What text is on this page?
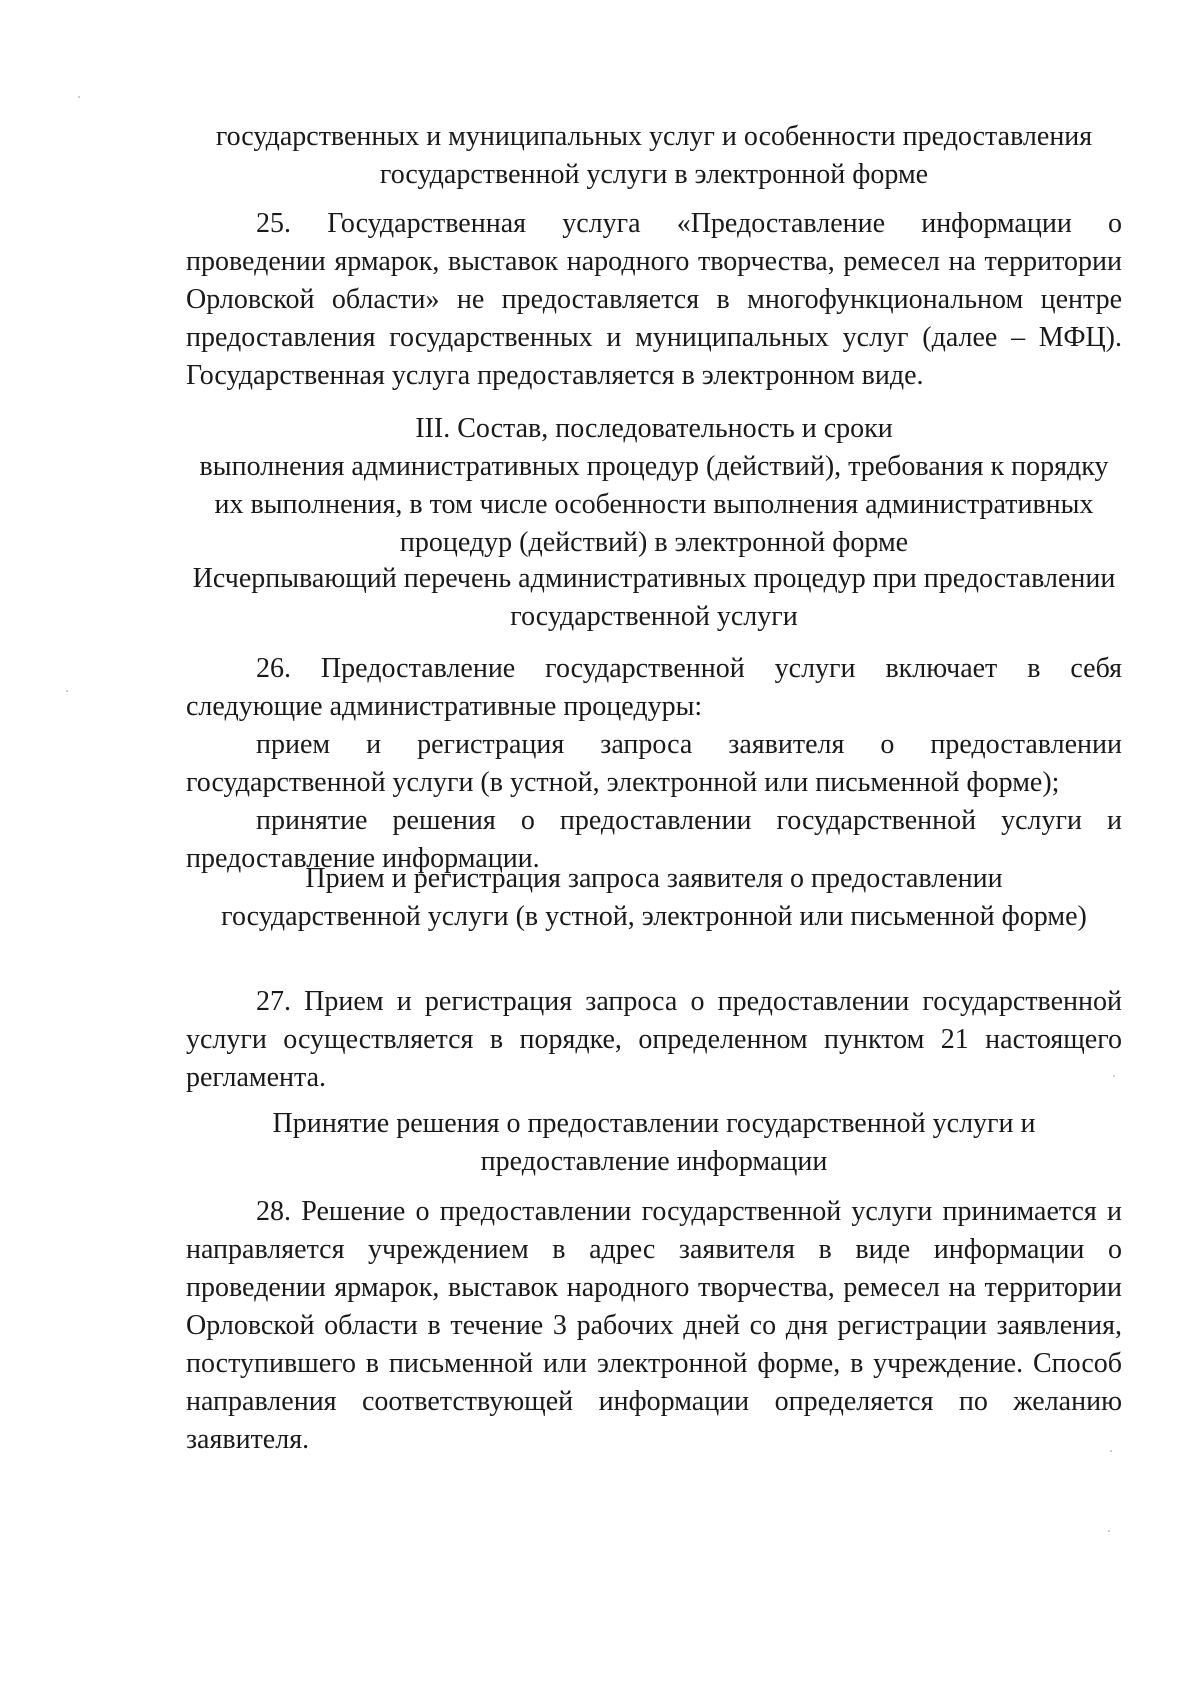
государственных и муниципальных услуг и особенности предоставления
государственной услуги в электронной форме
25. Государственная услуга «Предоставление информации о
проведении ярмарок, выставок народного творчества, ремесел на территории
Орловской области» не предоставляется в многофункциональном центре
предоставления государственных и муниципальных услуг (далее – МФЦ).
Государственная услуга предоставляется в электронном виде.
III. Состав, последовательность и сроки
выполнения административных процедур (действий), требования к порядку
их выполнения, в том числе особенности выполнения административных
процедур (действий) в электронной форме
Исчерпывающий перечень административных процедур при предоставлении
государственной услуги
26. Предоставление государственной услуги включает в себя
следующие административные процедуры:
прием и регистрация запроса заявителя о предоставлении
государственной услуги (в устной, электронной или письменной форме);
принятие решения о предоставлении государственной услуги и
предоставление информации.
Прием и регистрация запроса заявителя о предоставлении
государственной услуги (в устной, электронной или письменной форме)
27. Прием и регистрация запроса о предоставлении государственной
услуги осуществляется в порядке, определенном пунктом 21 настоящего
регламента.
Принятие решения о предоставлении государственной услуги и
предоставление информации
28. Решение о предоставлении государственной услуги принимается и
направляется учреждением в адрес заявителя в виде информации о
проведении ярмарок, выставок народного творчества, ремесел на территории
Орловской области в течение 3 рабочих дней со дня регистрации заявления,
поступившего в письменной или электронной форме, в учреждение. Способ
направления соответствующей информации определяется по желанию
заявителя.
